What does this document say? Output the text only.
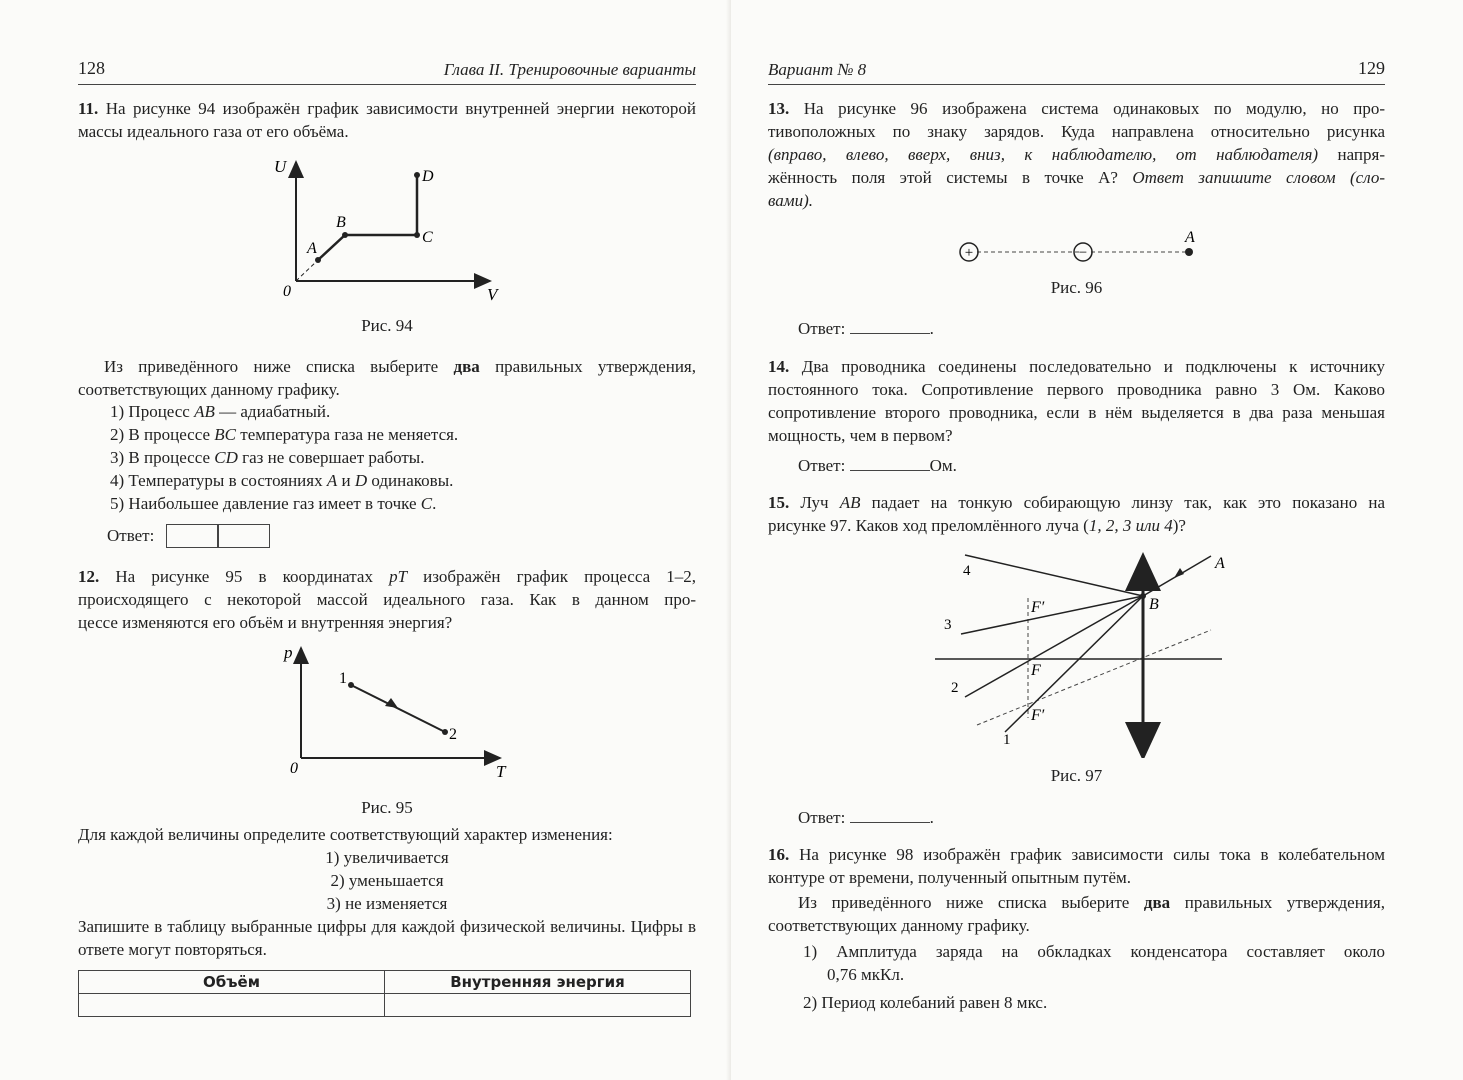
128	Глава II. Тренировочные варианты
11. На рисунке 94 изображён график зависимости внутренней энергии некоторой массы идеального газа от его объёма.
U
V
0
A
B
C
D
Рис. 94
Из приведённого ниже списка выберите два правильных утверждения, соответствующих данному графику.
1) Процесс AB — адиабатный.
2) В процессе BC температура газа не меняется.
3) В процессе CD газ не совершает работы.
4) Температуры в состояниях A и D одинаковы.
5) Наибольшее давление газ имеет в точке C.
Ответ:
12. На рисунке 95 в координатах pT изображён график процесса 1–2,
происходящего с некоторой массой идеального газа. Как в данном про-
цессе изменяются его объём и внутренняя энергия?
p
T
0
1
2
Рис. 95
Для каждой величины определите соответствующий характер изменения:
1) увеличивается
2) уменьшается
3) не изменяется
Запишите в таблицу выбранные цифры для каждой физической величины. Цифры в ответе могут повторяться.
Объём	Внутренняя энергия

Вариант № 8	129
13. На рисунке 96 изображена система одинаковых по модулю, но про-
тивоположных по знаку зарядов. Куда направлена относительно рисунка
(вправо, влево, вверх, вниз, к наблюдателю, от наблюдателя) напря-
жённость поля этой системы в точке A? Ответ запишите словом (сло-
вами).
+	−
A
Рис. 96
Ответ:	.
14. Два проводника соединены последовательно и подключены к источнику постоянного тока. Сопротивление первого проводника равно 3 Ом. Каково сопротивление второго проводника, если в нём выделяется в два раза меньшая мощность, чем в первом?
Ответ:	Ом.
15. Луч AB падает на тонкую собирающую линзу так, как это показано на
рисунке 97. Каков ход преломлённого луча (1, 2, 3 или 4)?
A
B
F′
F
F′
1
2
3
4
Рис. 97
Ответ:	.
16. На рисунке 98 изображён график зависимости силы тока в колебательном контуре от времени, полученный опытным путём.
Из приведённого ниже списка выберите два правильных утверждения, соответствующих данному графику.
1) Амплитуда заряда на обкладках конденсатора составляет около
0,76 мкКл.
2) Период колебаний равен 8 мкс.
